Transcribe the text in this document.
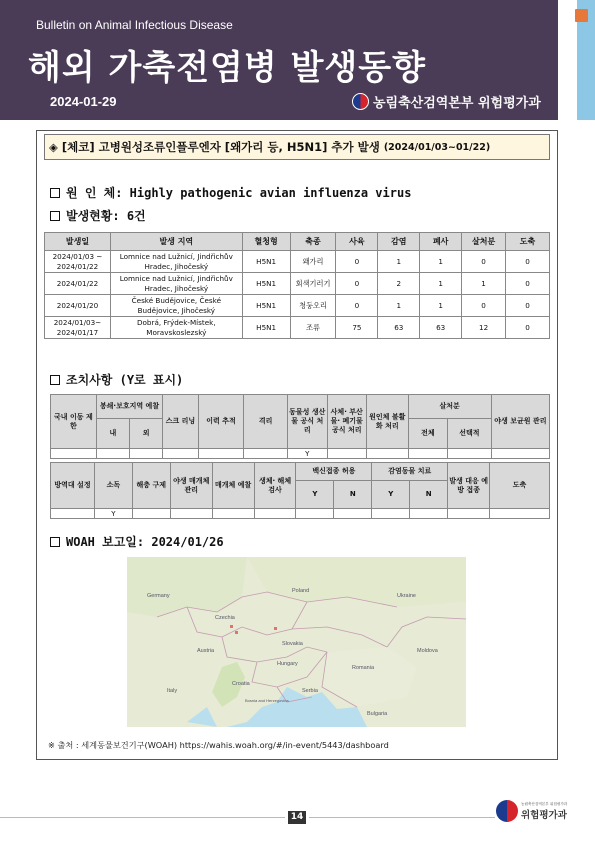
Bulletin on Animal Infectious Disease
해외 가축전염병 발생동향
2024-01-29	농림축산검역본부 위험평가과
◈
[체코] 고병원성조류인플루엔자 [왜가리 등, H5N1] 추가 발생 (2024/01/03~01/22)
원 인 체: Highly pathogenic avian influenza virus
발생현황: 6건
발생일	발생 지역	혈청형	축종	사육	감염	폐사	살처분	도축
2024/01/03 ~ 2024/01/22	Lomnice nad Lužnicí, Jindřichův Hradec, Jihočeský	H5N1	왜가리	0	1	1	0	0
2024/01/22	Lomnice nad Lužnicí, Jindřichův Hradec, Jihočeský	H5N1	회색기러기	0	2	1	1	0
2024/01/20	České Budějovice, České Budějovice, Jihočeský	H5N1	청둥오리	0	1	1	0	0
2024/01/03~ 2024/01/17	Dobrá, Frýdek-Místek, Moravskoslezský	H5N1	조류	75	63	63	12	0
조치사항 (Y로 표시)
국내 이동 제한	봉쇄·보호지역 예찰		스크 리닝	이력 추적	격리	동물성 생산물 공식 처리	사체· 부산물· 폐기물 공식 처리	원인체 불활화 처리	살처분		야생 보균원 관리
	내	외							전체	선택적	
						Y					
방역대 설정	소독	해충 구제	야생 매개체 관리	매개체 예찰	생체· 해체 검사	백신접종 허용		감염동물 치료		발생 대응 예방 접종	도축
						Y	N	Y	N		
	Y										
WOAH 보고일: 2024/01/26
Poland
Czechia
Slovakia
Hungary
Austria
Romania
Germany	Ukraine
Croatia
Serbia
Italy
Bosnia and Herzegovina
Bulgaria
Moldova
※ 출처 : 세계동물보건기구(WOAH) https://wahis.woah.org/#/in-event/5443/dashboard
14
농림축산검역본부 위험평가과
위험평가과
